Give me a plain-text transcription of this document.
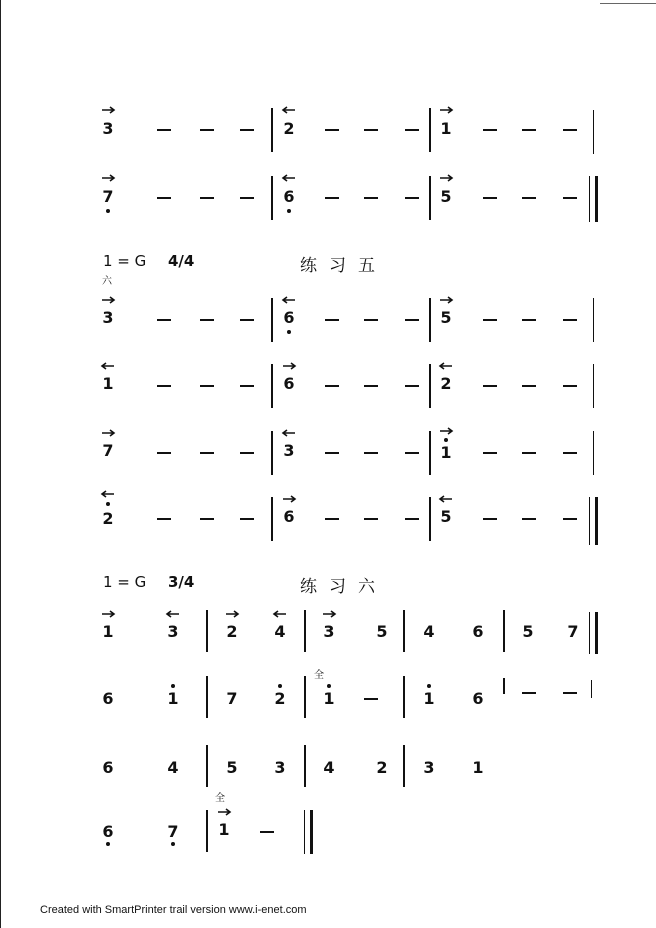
3	2	1
7	6	5
1 = G 4/4	练习五
六
3	6	5
1	6	2
7	3	1
2	6	5
1 = G 3/4	练习六
1	3	2	4	3	5	4	6	5	7
6	1	7	2
全
1	1	6
6	4	5	3	4	2	3	1
6	7
全
1
Created with SmartPrinter trail version www.i-enet.com
